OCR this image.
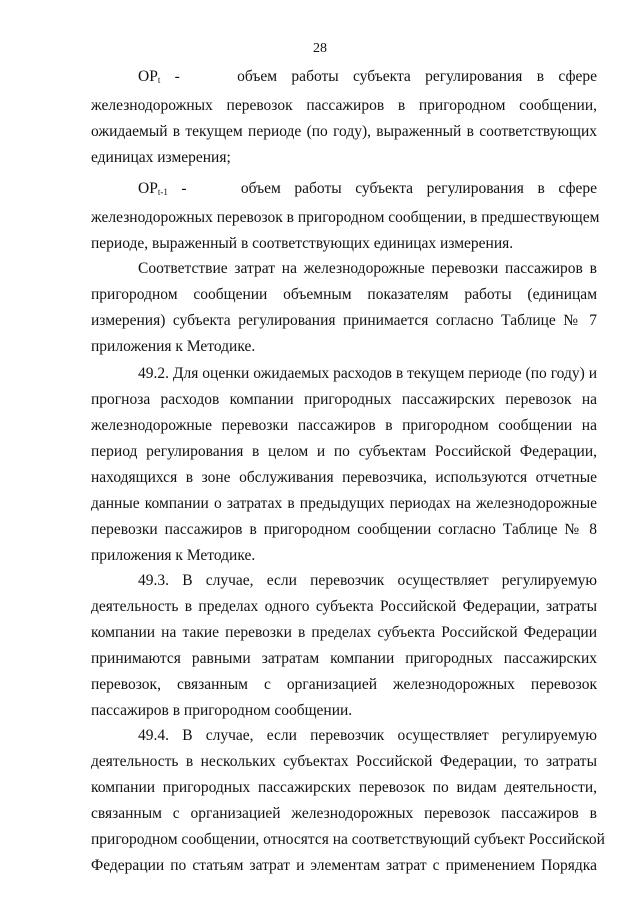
28
$OP_t$ -	объем работы субъекта регулирования в сфере
железнодорожных перевозок пассажиров в пригородном сообщении,
ожидаемый в текущем периоде (по году), выраженный в соответствующих
единицах измерения;
$OP_{t-1}$ -	объем работы субъекта регулирования в сфере
железнодорожных перевозок в пригородном сообщении, в предшествующем
периоде, выраженный в соответствующих единицах измерения.
Соответствие затрат на железнодорожные перевозки пассажиров в
пригородном сообщении объемным показателям работы (единицам
измерения) субъекта регулирования принимается согласно Таблице № 7
приложения к Методике.
49.2. Для оценки ожидаемых расходов в текущем периоде (по году) и
прогноза расходов компании пригородных пассажирских перевозок на
железнодорожные перевозки пассажиров в пригородном сообщении на
период регулирования в целом и по субъектам Российской Федерации,
находящихся в зоне обслуживания перевозчика, используются отчетные
данные компании о затратах в предыдущих периодах на железнодорожные
перевозки пассажиров в пригородном сообщении согласно Таблице № 8
приложения к Методике.
49.3. В случае, если перевозчик осуществляет регулируемую
деятельность в пределах одного субъекта Российской Федерации, затраты
компании на такие перевозки в пределах субъекта Российской Федерации
принимаются равными затратам компании пригородных пассажирских
перевозок, связанным с организацией железнодорожных перевозок
пассажиров в пригородном сообщении.
49.4. В случае, если перевозчик осуществляет регулируемую
деятельность в нескольких субъектах Российской Федерации, то затраты
компании пригородных пассажирских перевозок по видам деятельности,
связанным с организацией железнодорожных перевозок пассажиров в
пригородном сообщении, относятся на соответствующий субъект Российской
Федерации по статьям затрат и элементам затрат с применением Порядка
